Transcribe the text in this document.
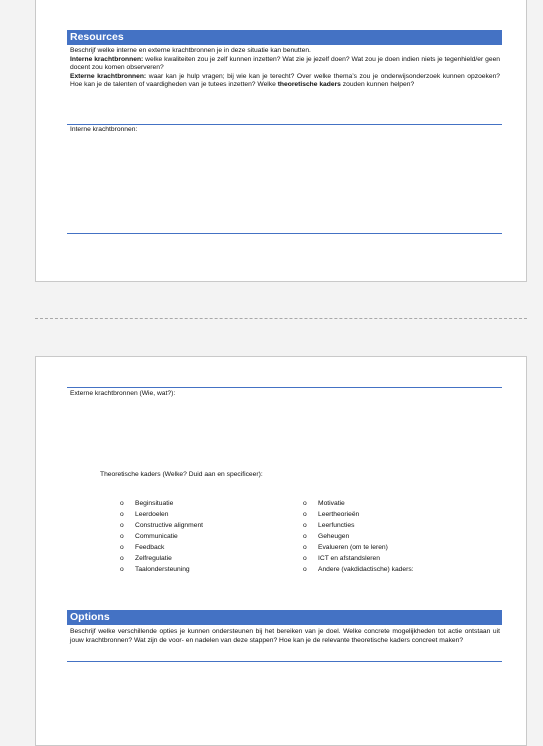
Resources

Beschrijf welke interne en externe krachtbronnen je in deze situatie kan benutten.

Interne krachtbronnen: welke kwaliteiten zou je zelf kunnen inzetten? Wat zie je jezelf doen? Wat zou je doen indien niets je tegenhield/er geen docent zou komen observeren?

Externe krachtbronnen: waar kan je hulp vragen; bij wie kan je terecht? Over welke thema’s zou je onderwijsonderzoek kunnen opzoeken? Hoe kan je de talenten of vaardigheden van je tutees inzetten? Welke theoretische kaders zouden kunnen helpen?

Interne krachtbronnen:
Externe krachtbronnen (Wie, wat?):
Theoretische kaders (Welke? Duid aan en specificeer):
o Beginsituatie
o Leerdoelen
o Constructive alignment
o Communicatie
o Feedback
o Zelfregulatie
o Taalondersteuning
o Motivatie
o Leertheorieën
o Leerfuncties
o Geheugen
o Evalueren (om te leren)
o ICT en afstandsleren
o Andere (vakdidactische) kaders:
Options
Beschrijf welke verschillende opties je kunnen ondersteunen bij het bereiken van je doel. Welke concrete mogelijkheden tot actie ontstaan uit jouw krachtbronnen? Wat zijn de voor- en nadelen van deze stappen? Hoe kan je de relevante theoretische kaders concreet maken?
